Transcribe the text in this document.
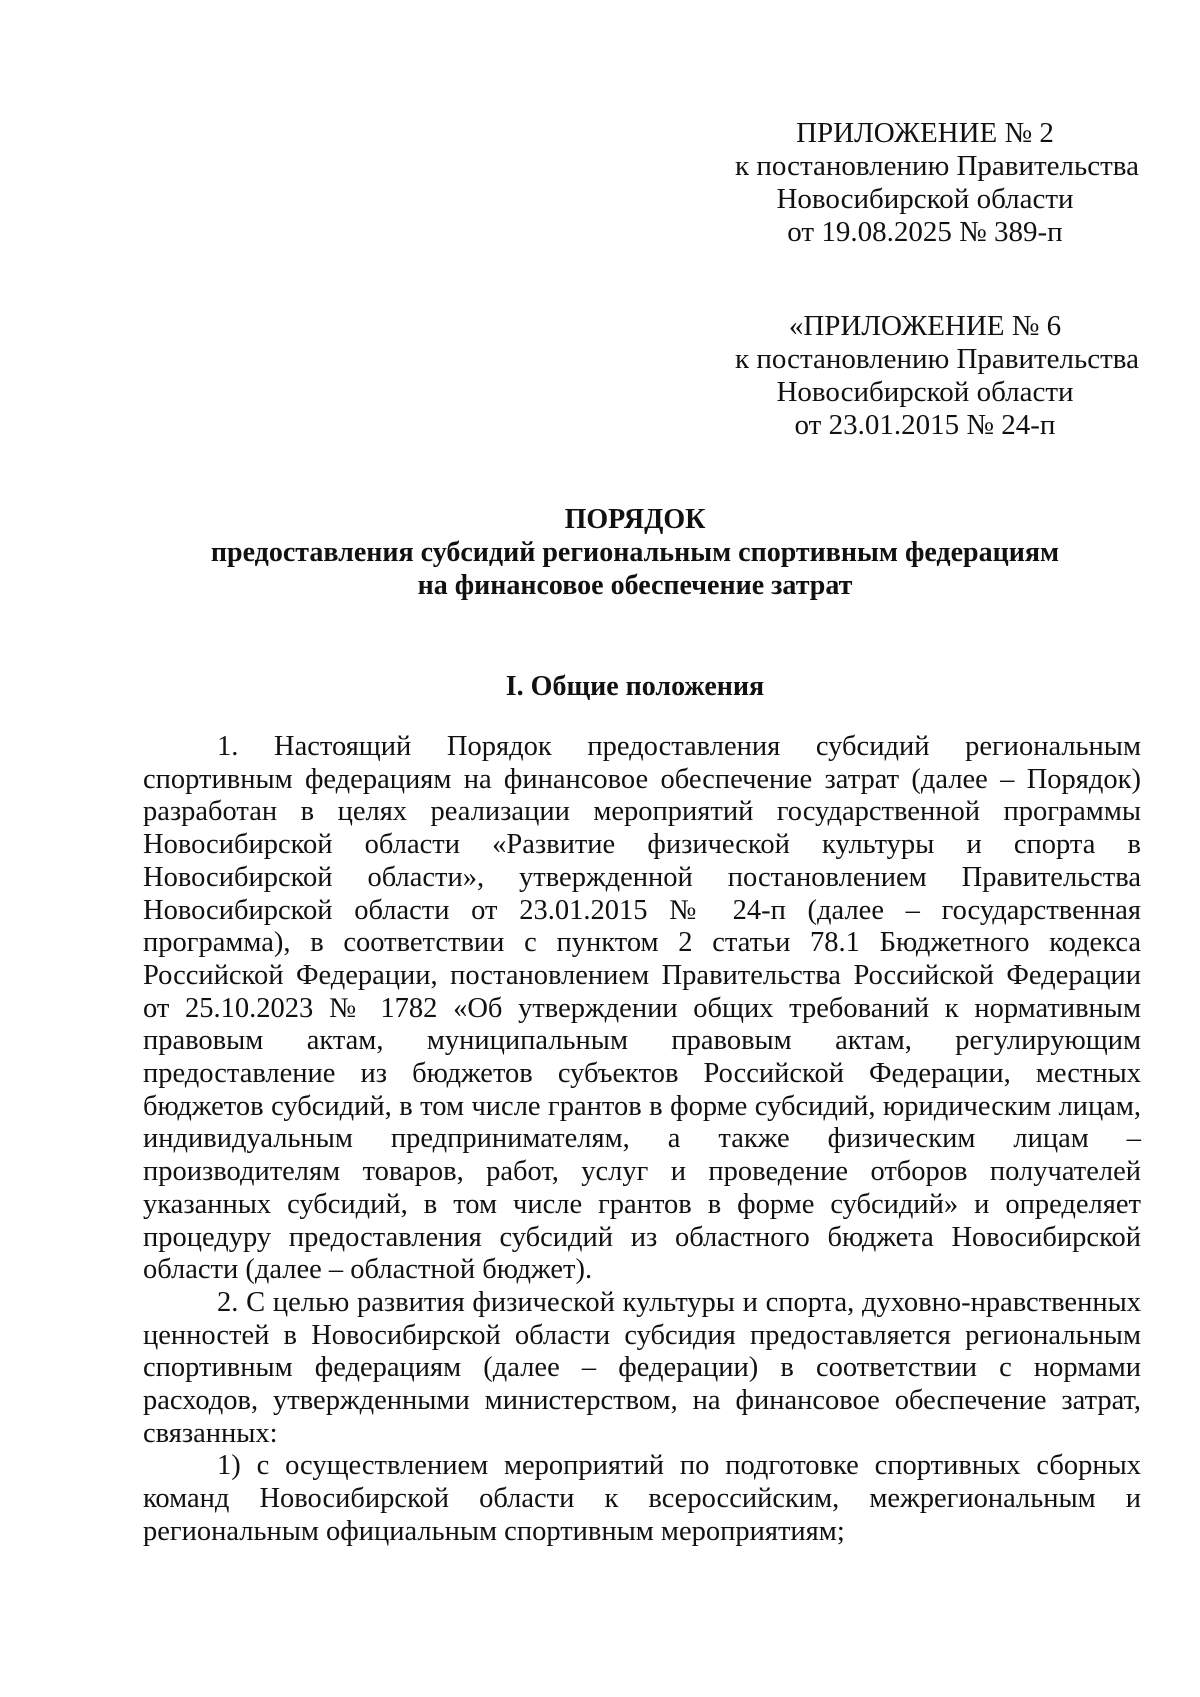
ПРИЛОЖЕНИЕ № 2
к постановлению Правительства
Новосибирской области
от 19.08.2025 № 389-п
«ПРИЛОЖЕНИЕ № 6
к постановлению Правительства
Новосибирской области
от 23.01.2015 № 24-п
ПОРЯДОК
предоставления субсидий региональным спортивным федерациям
на финансовое обеспечение затрат
I. Общие положения

1. Настоящий Порядок предоставления субсидий региональным спортивным федерациям на финансовое обеспечение затрат (далее – Порядок) разработан в целях реализации мероприятий государственной программы Новосибирской области «Развитие физической культуры и спорта в Новосибирской области», утвержденной постановлением Правительства Новосибирской области от 23.01.2015 № 24-п (далее – государственная программа), в соответствии с пунктом 2 статьи 78.1 Бюджетного кодекса Российской Федерации, постановлением Правительства Российской Федерации от 25.10.2023 № 1782 «Об утверждении общих требований к нормативным правовым актам, муниципальным правовым актам, регулирующим предоставление из бюджетов субъектов Российской Федерации, местных бюджетов субсидий, в том числе грантов в форме субсидий, юридическим лицам, индивидуальным предпринимателям, а также физическим лицам – производителям товаров, работ, услуг и проведение отборов получателей указанных субсидий, в том числе грантов в форме субсидий» и определяет процедуру предоставления субсидий из областного бюджета Новосибирской области (далее – областной бюджет).

2. С целью развития физической культуры и спорта, духовно-нравственных ценностей в Новосибирской области субсидия предоставляется региональным спортивным федерациям (далее – федерации) в соответствии с нормами расходов, утвержденными министерством, на финансовое обеспечение затрат, связанных:

1) с осуществлением мероприятий по подготовке спортивных сборных команд Новосибирской области к всероссийским, межрегиональным и региональным официальным спортивным мероприятиям;
